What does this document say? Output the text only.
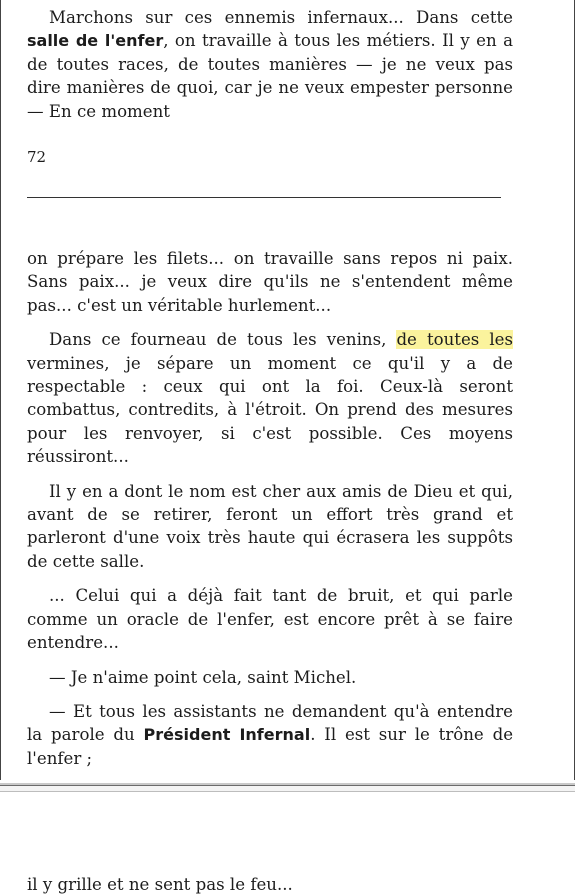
Marchons sur ces ennemis infernaux... Dans cette salle de l'enfer, on travaille à tous les métiers. Il y en a de toutes races, de toutes manières — je ne veux pas dire manières de quoi, car je ne veux empester personne — En ce moment

72

on prépare les filets... on travaille sans repos ni paix. Sans paix... je veux dire qu'ils ne s'entendent même pas... c'est un véritable hurlement...

Dans ce fourneau de tous les venins, de toutes les vermines, je sépare un moment ce qu'il y a de respectable : ceux qui ont la foi. Ceux-là seront combattus, contredits, à l'étroit. On prend des mesures pour les renvoyer, si c'est possible. Ces moyens réussiront...

Il y en a dont le nom est cher aux amis de Dieu et qui, avant de se retirer, feront un effort très grand et parleront d'une voix très haute qui écrasera les suppôts de cette salle.

... Celui qui a déjà fait tant de bruit, et qui parle comme un oracle de l'enfer, est encore prêt à se faire entendre...

— Je n'aime point cela, saint Michel.

— Et tous les assistants ne demandent qu'à entendre la parole du Président Infernal. Il est sur le trône de l'enfer ;

il y grille et ne sent pas le feu...
